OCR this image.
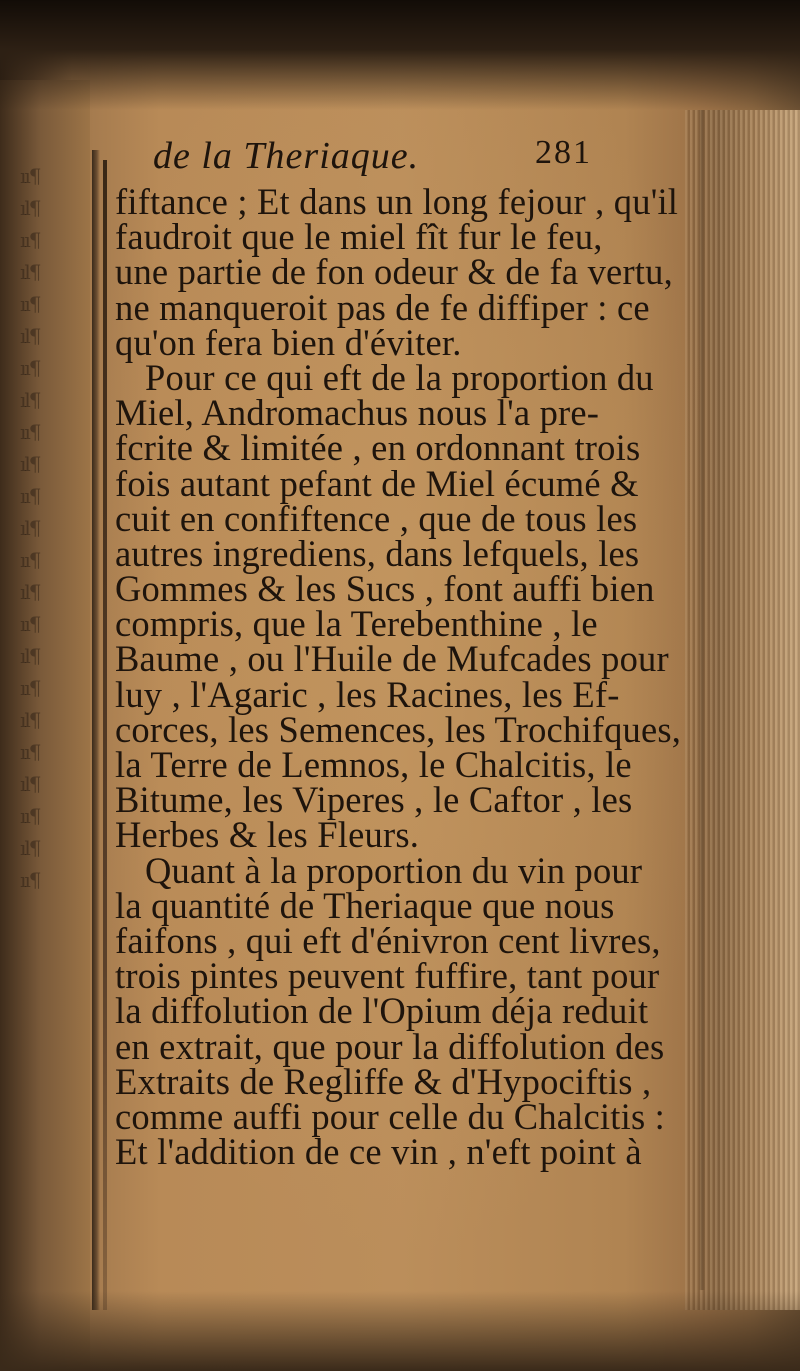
ıı¶
ıl¶
ıı¶
ıl¶
ıı¶
ıl¶
ıı¶
ıl¶
ıı¶
ıl¶
ıı¶
ıl¶
ıı¶
ıl¶
ıı¶
ıl¶
ıı¶
ıl¶
ıı¶
ıl¶
ıı¶
ıl¶
ıı¶
de la Theriaque.	281
fiftance ; Et dans un long fejour , qu'il
faudroit que le miel fît fur le feu,
une partie de fon odeur & de fa vertu,
ne manqueroit pas de fe diffiper : ce
qu'on fera bien d'éviter.
Pour ce qui eft de la proportion du
Miel, Andromachus nous l'a pre-
fcrite & limitée , en ordonnant trois
fois autant pefant de Miel écumé &
cuit en confiftence , que de tous les
autres ingrediens, dans lefquels, les
Gommes & les Sucs , font auffi bien
compris, que la Terebenthine , le
Baume , ou l'Huile de Mufcades pour
luy , l'Agaric , les Racines, les Ef-
corces, les Semences, les Trochifques,
la Terre de Lemnos, le Chalcitis, le
Bitume, les Viperes , le Caftor , les
Herbes & les Fleurs.
Quant à la proportion du vin pour
la quantité de Theriaque que nous
faifons , qui eft d'énivron cent livres,
trois pintes peuvent fuffire, tant pour
la diffolution de l'Opium déja reduit
en extrait, que pour la diffolution des
Extraits de Regliffe & d'Hypociftis ,
comme auffi pour celle du Chalcitis :
Et l'addition de ce vin , n'eft point à
